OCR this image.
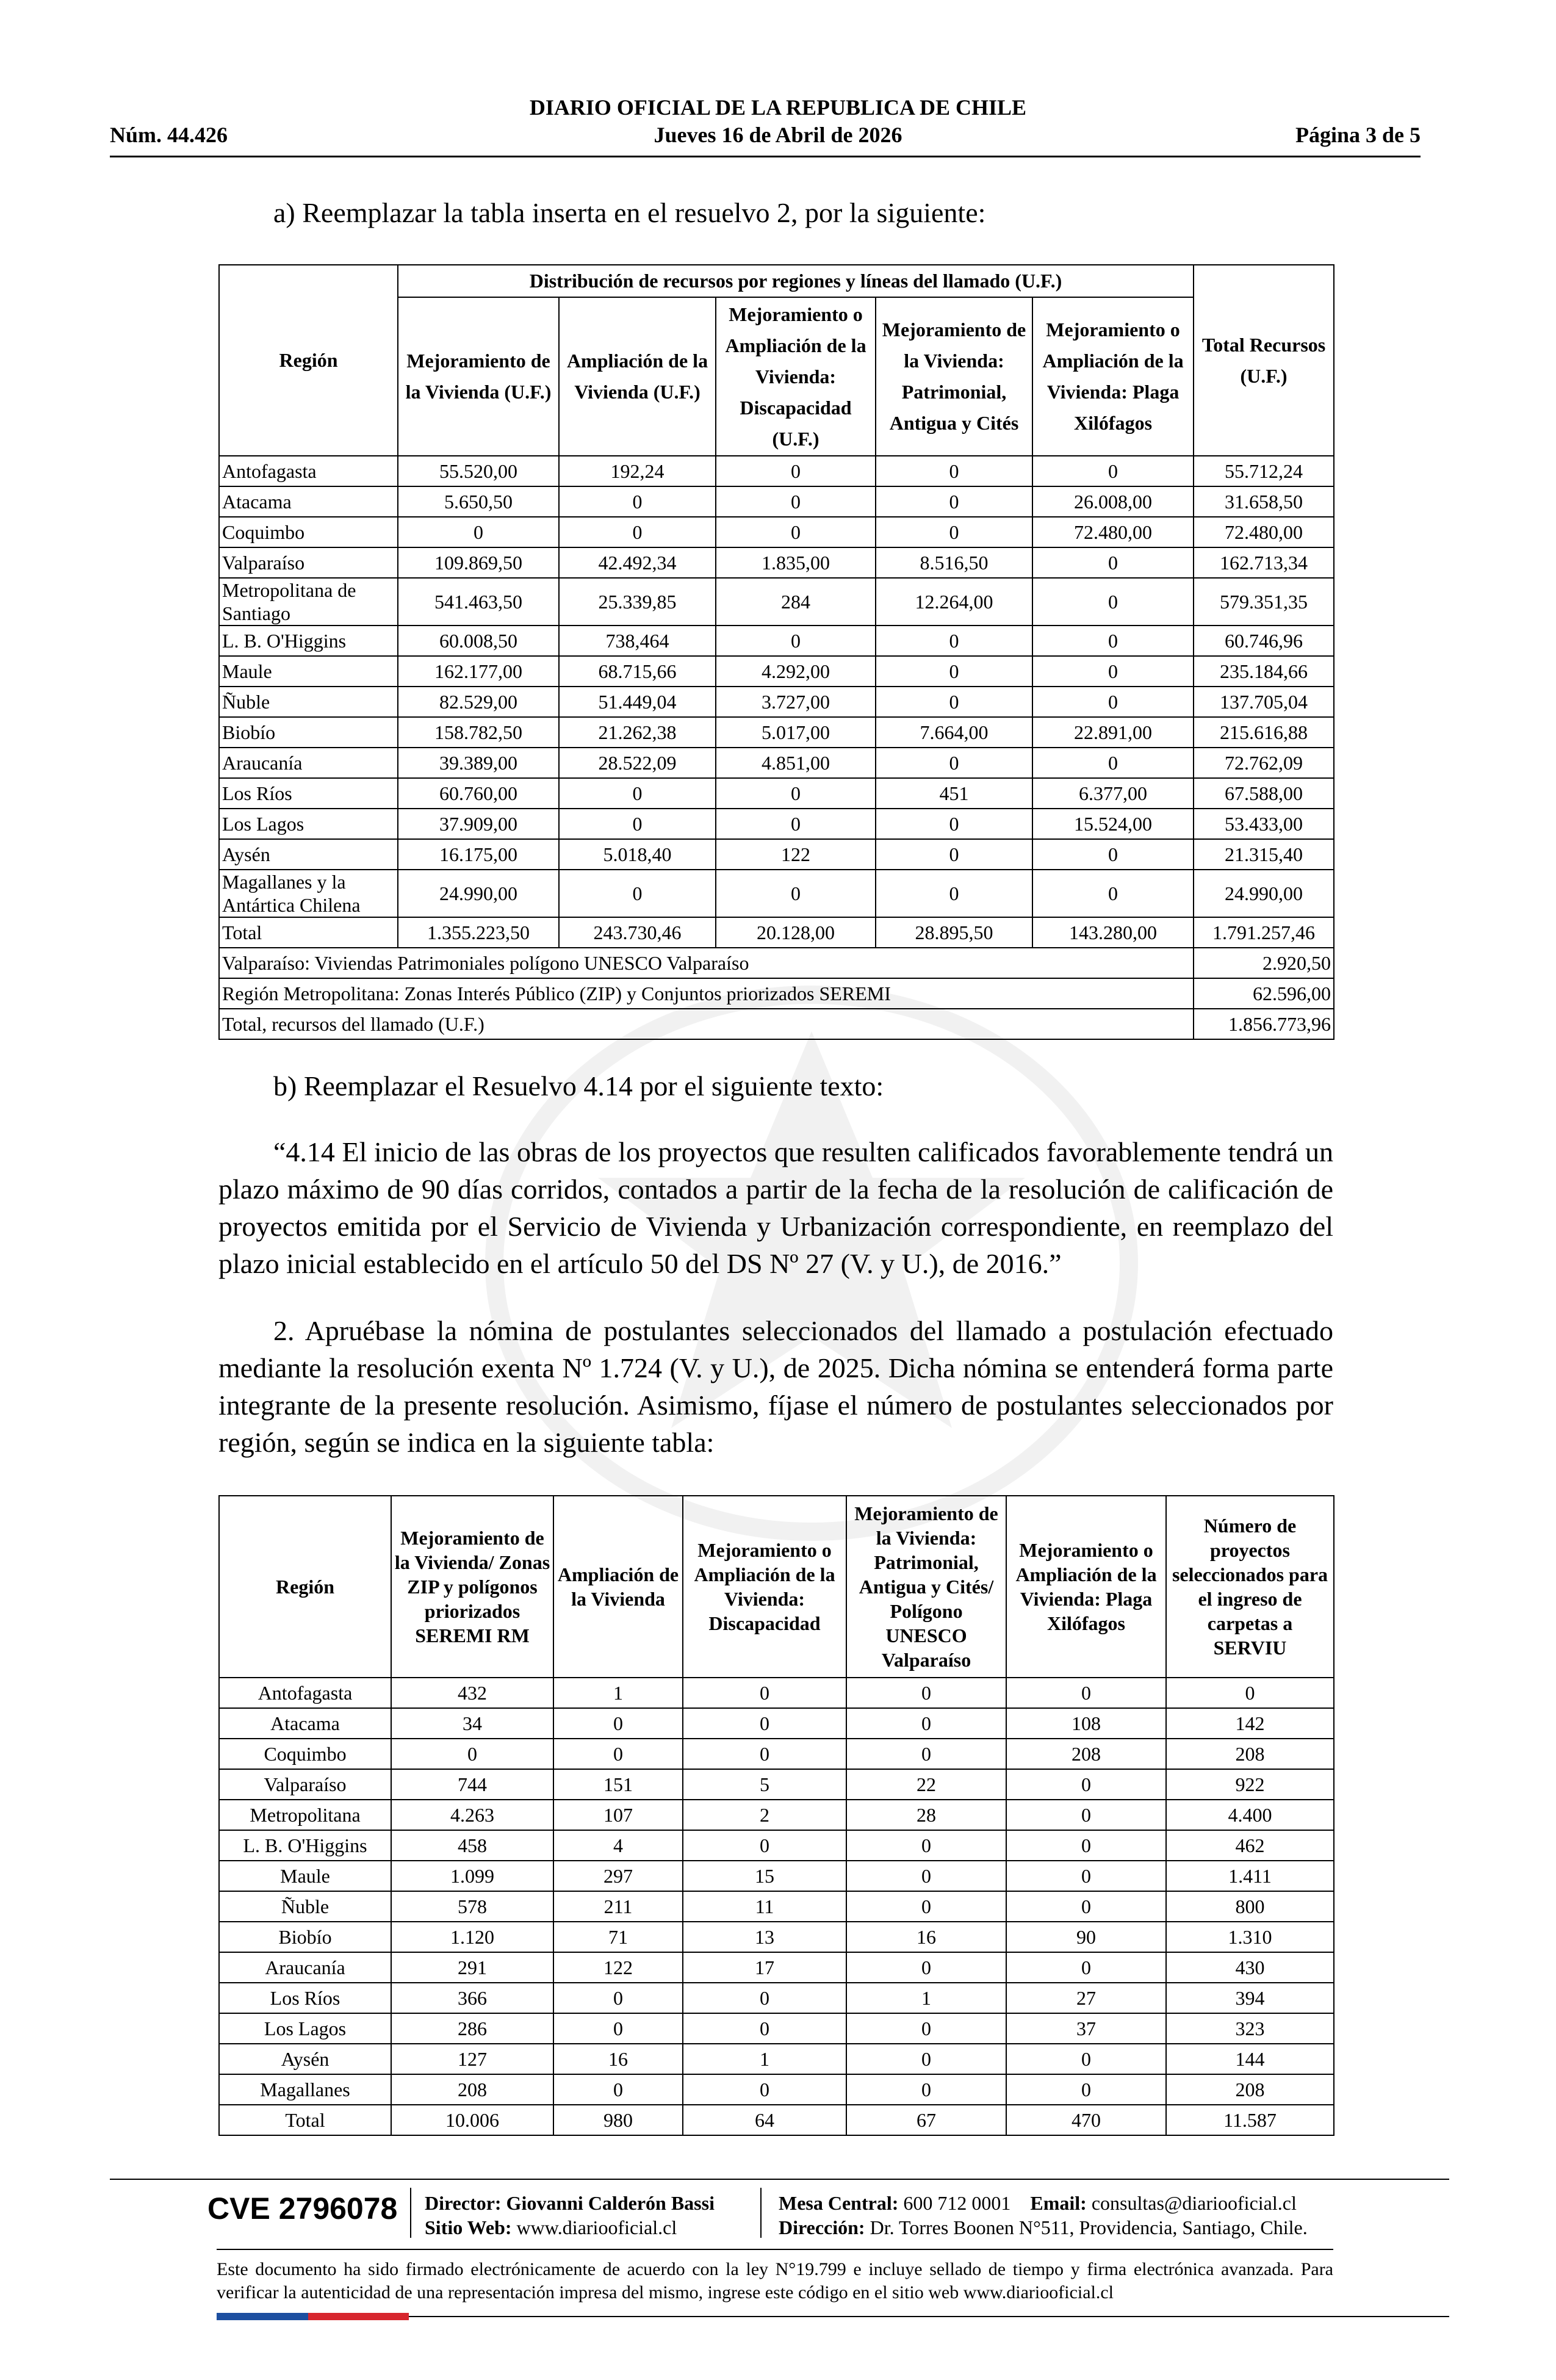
DIARIO OFICIAL DE LA REPUBLICA DE CHILE
Jueves 16 de Abril de 2026
Núm. 44.426	Página 3 de 5
a) Reemplazar la tabla inserta en el resuelvo 2, por la siguiente:
Región	Distribución de recursos por regiones y líneas del llamado (U.F.)					Total Recursos (U.F.)
	Mejoramiento de la Vivienda (U.F.)	Ampliación de la Vivienda (U.F.)	Mejoramiento o Ampliación de la Vivienda: Discapacidad (U.F.)	Mejoramiento de la Vivienda: Patrimonial, Antigua y Cités	Mejoramiento o Ampliación de la Vivienda: Plaga Xilófagos	
Antofagasta	55.520,00	192,24	0	0	0	55.712,24
Atacama	5.650,50	0	0	0	26.008,00	31.658,50
Coquimbo	0	0	0	0	72.480,00	72.480,00
Valparaíso	109.869,50	42.492,34	1.835,00	8.516,50	0	162.713,34
Metropolitana de Santiago	541.463,50	25.339,85	284	12.264,00	0	579.351,35
L. B. O'Higgins	60.008,50	738,464	0	0	0	60.746,96
Maule	162.177,00	68.715,66	4.292,00	0	0	235.184,66
Ñuble	82.529,00	51.449,04	3.727,00	0	0	137.705,04
Biobío	158.782,50	21.262,38	5.017,00	7.664,00	22.891,00	215.616,88
Araucanía	39.389,00	28.522,09	4.851,00	0	0	72.762,09
Los Ríos	60.760,00	0	0	451	6.377,00	67.588,00
Los Lagos	37.909,00	0	0	0	15.524,00	53.433,00
Aysén	16.175,00	5.018,40	122	0	0	21.315,40
Magallanes y la Antártica Chilena	24.990,00	0	0	0	0	24.990,00
Total	1.355.223,50	243.730,46	20.128,00	28.895,50	143.280,00	1.791.257,46
Valparaíso: Viviendas Patrimoniales polígono UNESCO Valparaíso						2.920,50
Región Metropolitana: Zonas Interés Público (ZIP) y Conjuntos priorizados SEREMI						62.596,00
Total, recursos del llamado (U.F.)						1.856.773,96
b) Reemplazar el Resuelvo 4.14 por el siguiente texto:
“4.14 El inicio de las obras de los proyectos que resulten calificados favorablemente tendrá un plazo máximo de 90 días corridos, contados a partir de la fecha de la resolución de calificación de proyectos emitida por el Servicio de Vivienda y Urbanización correspondiente, en reemplazo del plazo inicial establecido en el artículo 50 del DS Nº 27 (V. y U.), de 2016.”
2. Apruébase la nómina de postulantes seleccionados del llamado a postulación efectuado mediante la resolución exenta Nº 1.724 (V. y U.), de 2025. Dicha nómina se entenderá forma parte integrante de la presente resolución. Asimismo, fíjase el número de postulantes seleccionados por región, según se indica en la siguiente tabla:
Región	Mejoramiento de la Vivienda/ Zonas ZIP y polígonos priorizados SEREMI RM	Ampliación de la Vivienda	Mejoramiento o Ampliación de la Vivienda: Discapacidad	Mejoramiento de la Vivienda: Patrimonial, Antigua y Cités/ Polígono UNESCO Valparaíso	Mejoramiento o Ampliación de la Vivienda: Plaga Xilófagos	Número de proyectos seleccionados para el ingreso de carpetas a SERVIU
Antofagasta	432	1	0	0	0	0
Atacama	34	0	0	0	108	142
Coquimbo	0	0	0	0	208	208
Valparaíso	744	151	5	22	0	922
Metropolitana	4.263	107	2	28	0	4.400
L. B. O'Higgins	458	4	0	0	0	462
Maule	1.099	297	15	0	0	1.411
Ñuble	578	211	11	0	0	800
Biobío	1.120	71	13	16	90	1.310
Araucanía	291	122	17	0	0	430
Los Ríos	366	0	0	1	27	394
Los Lagos	286	0	0	0	37	323
Aysén	127	16	1	0	0	144
Magallanes	208	0	0	0	0	208
Total	10.006	980	64	67	470	11.587
CVE 2796078 Director: Giovanni Calderón Bassi
Sitio Web: www.diariooficial.cl
Mesa Central: 600 712 0001 Email: consultas@diariooficial.cl
Dirección: Dr. Torres Boonen N°511, Providencia, Santiago, Chile.
Este documento ha sido firmado electrónicamente de acuerdo con la ley N°19.799 e incluye sellado de tiempo y firma electrónica avanzada. Para verificar la autenticidad de una representación impresa del mismo, ingrese este código en el sitio web www.diariooficial.cl
